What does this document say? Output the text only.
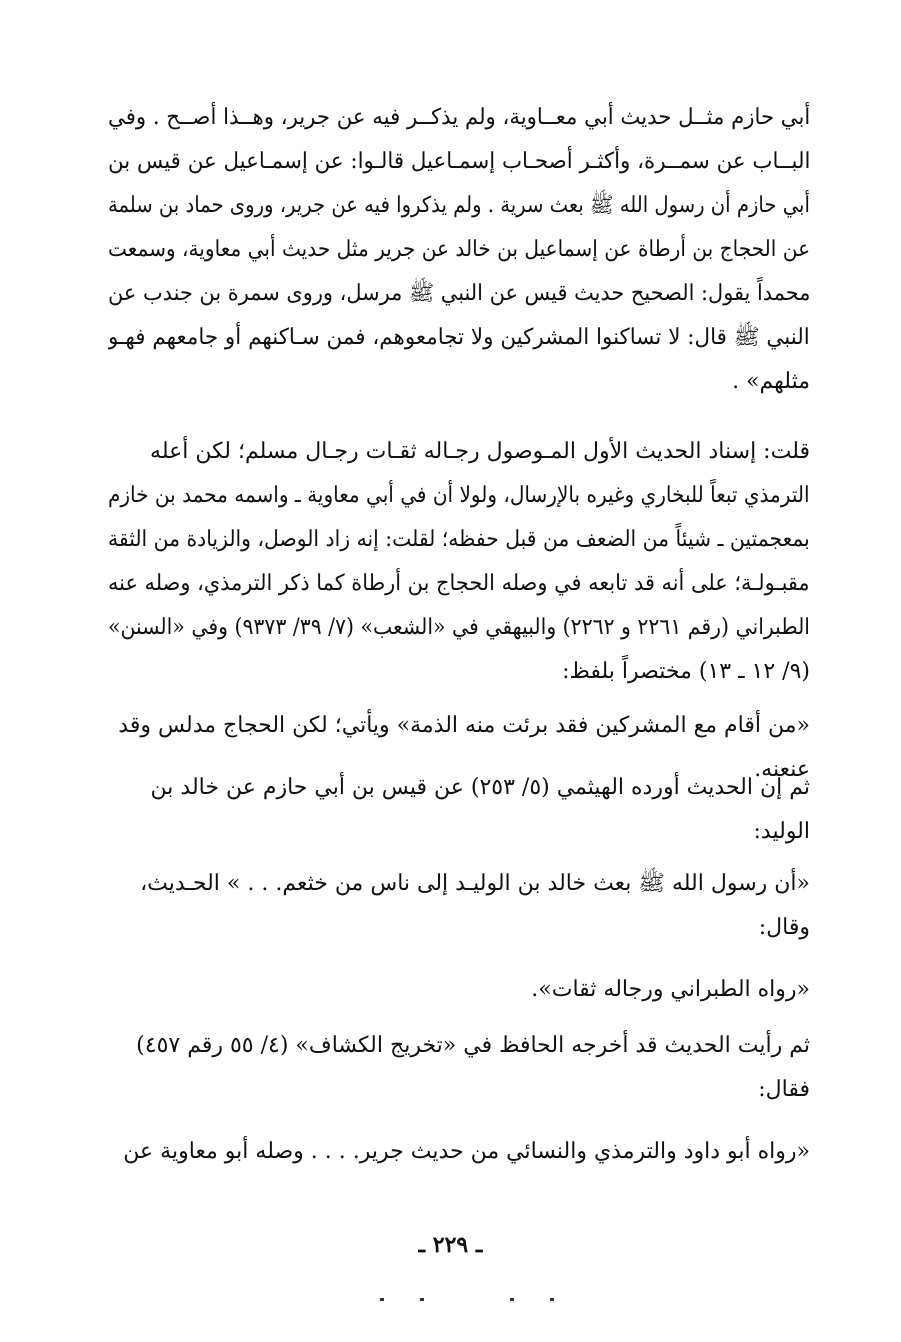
أبي حازم مثــل حديث أبي معــاوية، ولم يذكــر فيه عن جرير، وهــذا أصــح . وفي
البــاب عن سمــرة، وأكثـر أصحـاب إسمـاعيل قالـوا: عن إسمـاعيل عن قيس بن
أبي حازم أن رسول الله ﷺ بعث سرية . ولم يذكروا فيه عن جرير، وروى حماد بن سلمة
عن الحجاج بن أرطاة عن إسماعيل بن خالد عن جرير مثل حديث أبي معاوية، وسمعت
محمداً يقول: الصحيح حديث قيس عن النبي ﷺ مرسل، وروى سمرة بن جندب عن
النبي ﷺ قال: لا تساكنوا المشركين ولا تجامعوهم، فمن سـاكنهم أو جامعهم فهـو
مثلهم» .
قلت: إسناد الحديث الأول المـوصول رجـاله ثقـات رجـال مسلم؛ لكن أعله
الترمذي تبعاً للبخاري وغيره بالإرسال، ولولا أن في أبي معاوية ـ واسمه محمد بن خازم
بمعجمتين ـ شيئاً من الضعف من قبل حفظه؛ لقلت: إنه زاد الوصل، والزيادة من الثقة
مقبـولـة؛ على أنه قد تابعه في وصله الحجاج بن أرطاة كما ذكر الترمذي، وصله عنه
الطبراني (رقم ٢٢٦١ و ٢٢٦٢) والبيهقي في «الشعب» (٧/ ٣٩/ ٩٣٧٣) وفي «السنن»
(٩/ ١٢ ـ ١٣) مختصراً بلفظ:
«من أقام مع المشركين فقد برئت منه الذمة» ويأتي؛ لكن الحجاج مدلس وقد
عنعنه.
ثم إن الحديث أورده الهيثمي (٥/ ٢٥٣) عن قيس بن أبي حازم عن خالد بن
الوليد:
«أن رسول الله ﷺ بعث خالد بن الوليـد إلى ناس من خثعم. . . » الحـديث،
وقال:
«رواه الطبراني ورجاله ثقات».
ثم رأيت الحديث قد أخرجه الحافظ في «تخريج الكشاف» (٤/ ٥٥ رقم ٤٥٧)
فقال:
«رواه أبو داود والترمذي والنسائي من حديث جرير. . . . وصله أبو معاوية عن
ـ ٢٢٩ ـ
